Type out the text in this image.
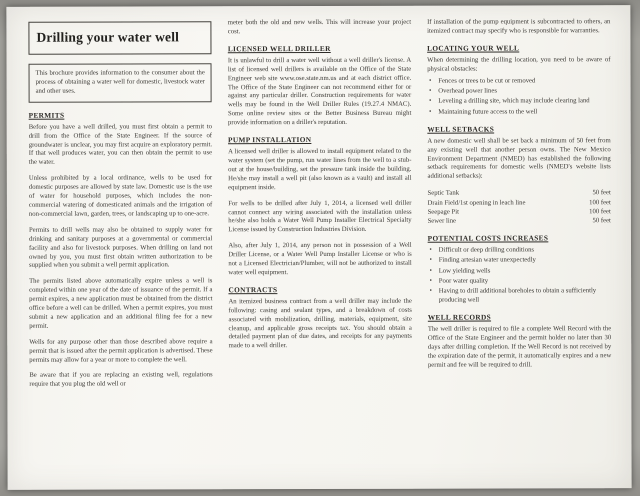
Drilling your water well

This brochure provides information to the consumer about the process of obtaining a water well for domestic, livestock water and other uses.

PERMITS

Before you have a well drilled, you must first obtain a permit to drill from the Office of the State Engineer. If the source of groundwater is unclear, you may first acquire an exploratory permit. If that well produces water, you can then obtain the permit to use the water.

Unless prohibited by a local ordinance, wells to be used for domestic purposes are allowed by state law. Domestic use is the use of water for household purposes, which includes the non-commercial watering of domesticated animals and the irrigation of non-commercial lawn, garden, trees, or landscaping up to one-acre.

Permits to drill wells may also be obtained to supply water for drinking and sanitary purposes at a governmental or commercial facility and also for livestock purposes. When drilling on land not owned by you, you must first obtain written authorization to be supplied when you submit a well permit application.

The permits listed above automatically expire unless a well is completed within one year of the date of issuance of the permit. If a permit expires, a new application must be obtained from the district office before a well can be drilled. When a permit expires, you must submit a new application and an additional filing fee for a new permit.

Wells for any purpose other than those described above require a permit that is issued after the permit application is advertised. These permits may allow for a year or more to complete the well.

Be aware that if you are replacing an existing well, regulations require that you plug the old well or

meter both the old and new wells. This will increase your project cost.

LICENSED WELL DRILLER

It is unlawful to drill a water well without a well driller's license. A list of licensed well drillers is available on the Office of the State Engineer web site www.ose.state.nm.us and at each district office. The Office of the State Engineer can not recommend either for or against any particular driller. Construction requirements for water wells may be found in the Well Driller Rules (19.27.4 NMAC). Some online review sites or the Better Business Bureau might provide information on a driller's reputation.

PUMP INSTALLATION

A licensed well driller is allowed to install equipment related to the water system (set the pump, run water lines from the well to a stub-out at the house/building, set the pressure tank inside the building. He/she may install a well pit (also known as a vault) and install all equipment inside.

For wells to be drilled after July 1, 2014, a licensed well driller cannot connect any wiring associated with the installation unless he/she also holds a Water Well Pump Installer Electrical Specialty License issued by Construction Industries Division.

Also, after July 1, 2014, any person not in possession of a Well Driller License, or a Water Well Pump Installer License or who is not a Licensed Electrician/Plumber, will not be authorized to install water well equipment.

CONTRACTS

An itemized business contract from a well driller may include the following: casing and sealant types, and a breakdown of costs associated with mobilization, drilling, materials, equipment, site cleanup, and applicable gross receipts tax. You should obtain a detailed payment plan of due dates, and receipts for any payments made to a well driller.

If installation of the pump equipment is subcontracted to others, an itemized contract may specify who is responsible for warranties.

LOCATING YOUR WELL

When determining the drilling location, you need to be aware of physical obstacles:

▪ Fences or trees to be cut or removed
▪ Overhead power lines
▪ Leveling a drilling site, which may include clearing land
▪ Maintaining future access to the well
WELL SETBACKS

A new domestic well shall be set back a minimum of 50 feet from any existing well that another person owns. The New Mexico Environment Department (NMED) has established the following setback requirements for domestic wells (NMED's website lists additional setbacks):

Septic Tank	50 feet
Drain Field/1st opening in leach line	100 feet
Seepage Pit	100 feet
Sewer line	50 feet
POTENTIAL COSTS INCREASES
▪ Difficult or deep drilling conditions
▪ Finding artesian water unexpectedly
▪ Low yielding wells
▪ Poor water quality
▪ Having to drill additional boreholes to obtain a sufficiently producing well
WELL RECORDS

The well driller is required to file a complete Well Record with the Office of the State Engineer and the permit holder no later than 30 days after drilling completion. If the Well Record is not received by the expiration date of the permit, it automatically expires and a new permit and fee will be required to drill.
